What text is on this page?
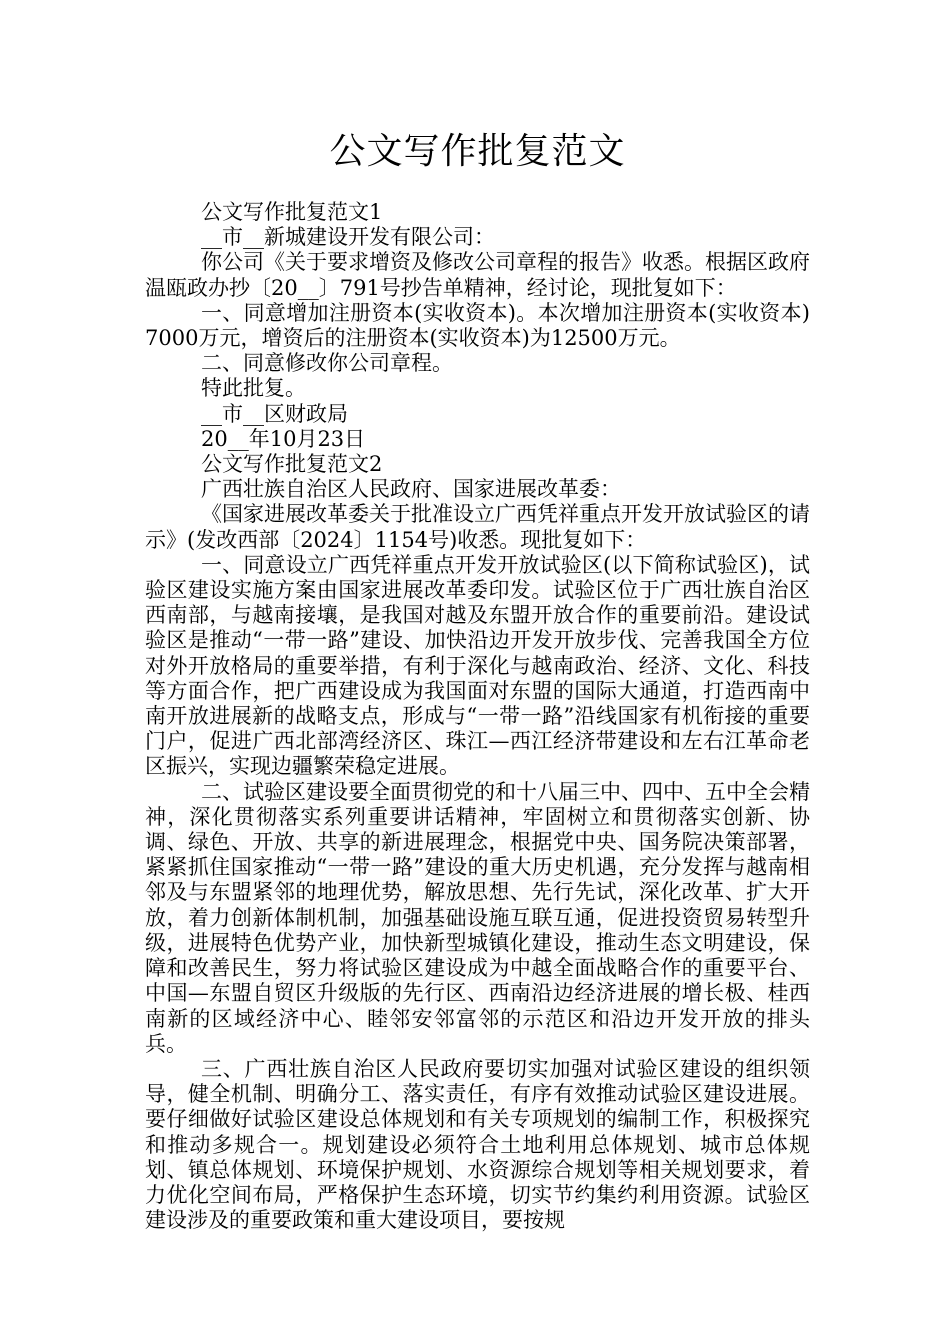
公文写作批复范文

公文写作批复范文1

__市__新城建设开发有限公司：

你公司《关于要求增资及修改公司章程的报告》收悉。根据区政府温瓯政办抄〔20__〕791号抄告单精神，经讨论，现批复如下：

一、同意增加注册资本(实收资本)。本次增加注册资本(实收资本)7000万元，增资后的注册资本(实收资本)为12500万元。

二、同意修改你公司章程。

特此批复。

__市__区财政局

20__年10月23日

公文写作批复范文2

广西壮族自治区人民政府、国家进展改革委：

《国家进展改革委关于批准设立广西凭祥重点开发开放试验区的请示》(发改西部〔2024〕1154号)收悉。现批复如下：

一、同意设立广西凭祥重点开发开放试验区(以下简称试验区)，试验区建设实施方案由国家进展改革委印发。试验区位于广西壮族自治区西南部，与越南接壤，是我国对越及东盟开放合作的重要前沿。建设试验区是推动“一带一路”建设、加快沿边开发开放步伐、完善我国全方位对外开放格局的重要举措，有利于深化与越南政治、经济、文化、科技等方面合作，把广西建设成为我国面对东盟的国际大通道，打造西南中南开放进展新的战略支点，形成与“一带一路”沿线国家有机衔接的重要门户，促进广西北部湾经济区、珠江—西江经济带建设和左右江革命老区振兴，实现边疆繁荣稳定进展。

二、试验区建设要全面贯彻党的和十八届三中、四中、五中全会精神，深化贯彻落实系列重要讲话精神，牢固树立和贯彻落实创新、协调、绿色、开放、共享的新进展理念，根据党中央、国务院决策部署，紧紧抓住国家推动“一带一路”建设的重大历史机遇，充分发挥与越南相邻及与东盟紧邻的地理优势，解放思想、先行先试，深化改革、扩大开放，着力创新体制机制，加强基础设施互联互通，促进投资贸易转型升级，进展特色优势产业，加快新型城镇化建设，推动生态文明建设，保障和改善民生，努力将试验区建设成为中越全面战略合作的重要平台、中国—东盟自贸区升级版的先行区、西南沿边经济进展的增长极、桂西南新的区域经济中心、睦邻安邻富邻的示范区和沿边开发开放的排头兵。

三、广西壮族自治区人民政府要切实加强对试验区建设的组织领导，健全机制、明确分工、落实责任，有序有效推动试验区建设进展。要仔细做好试验区建设总体规划和有关专项规划的编制工作，积极探究和推动多规合一。规划建设必须符合土地利用总体规划、城市总体规划、镇总体规划、环境保护规划、水资源综合规划等相关规划要求，着力优化空间布局，严格保护生态环境，切实节约集约利用资源。试验区建设涉及的重要政策和重大建设项目，要按规
